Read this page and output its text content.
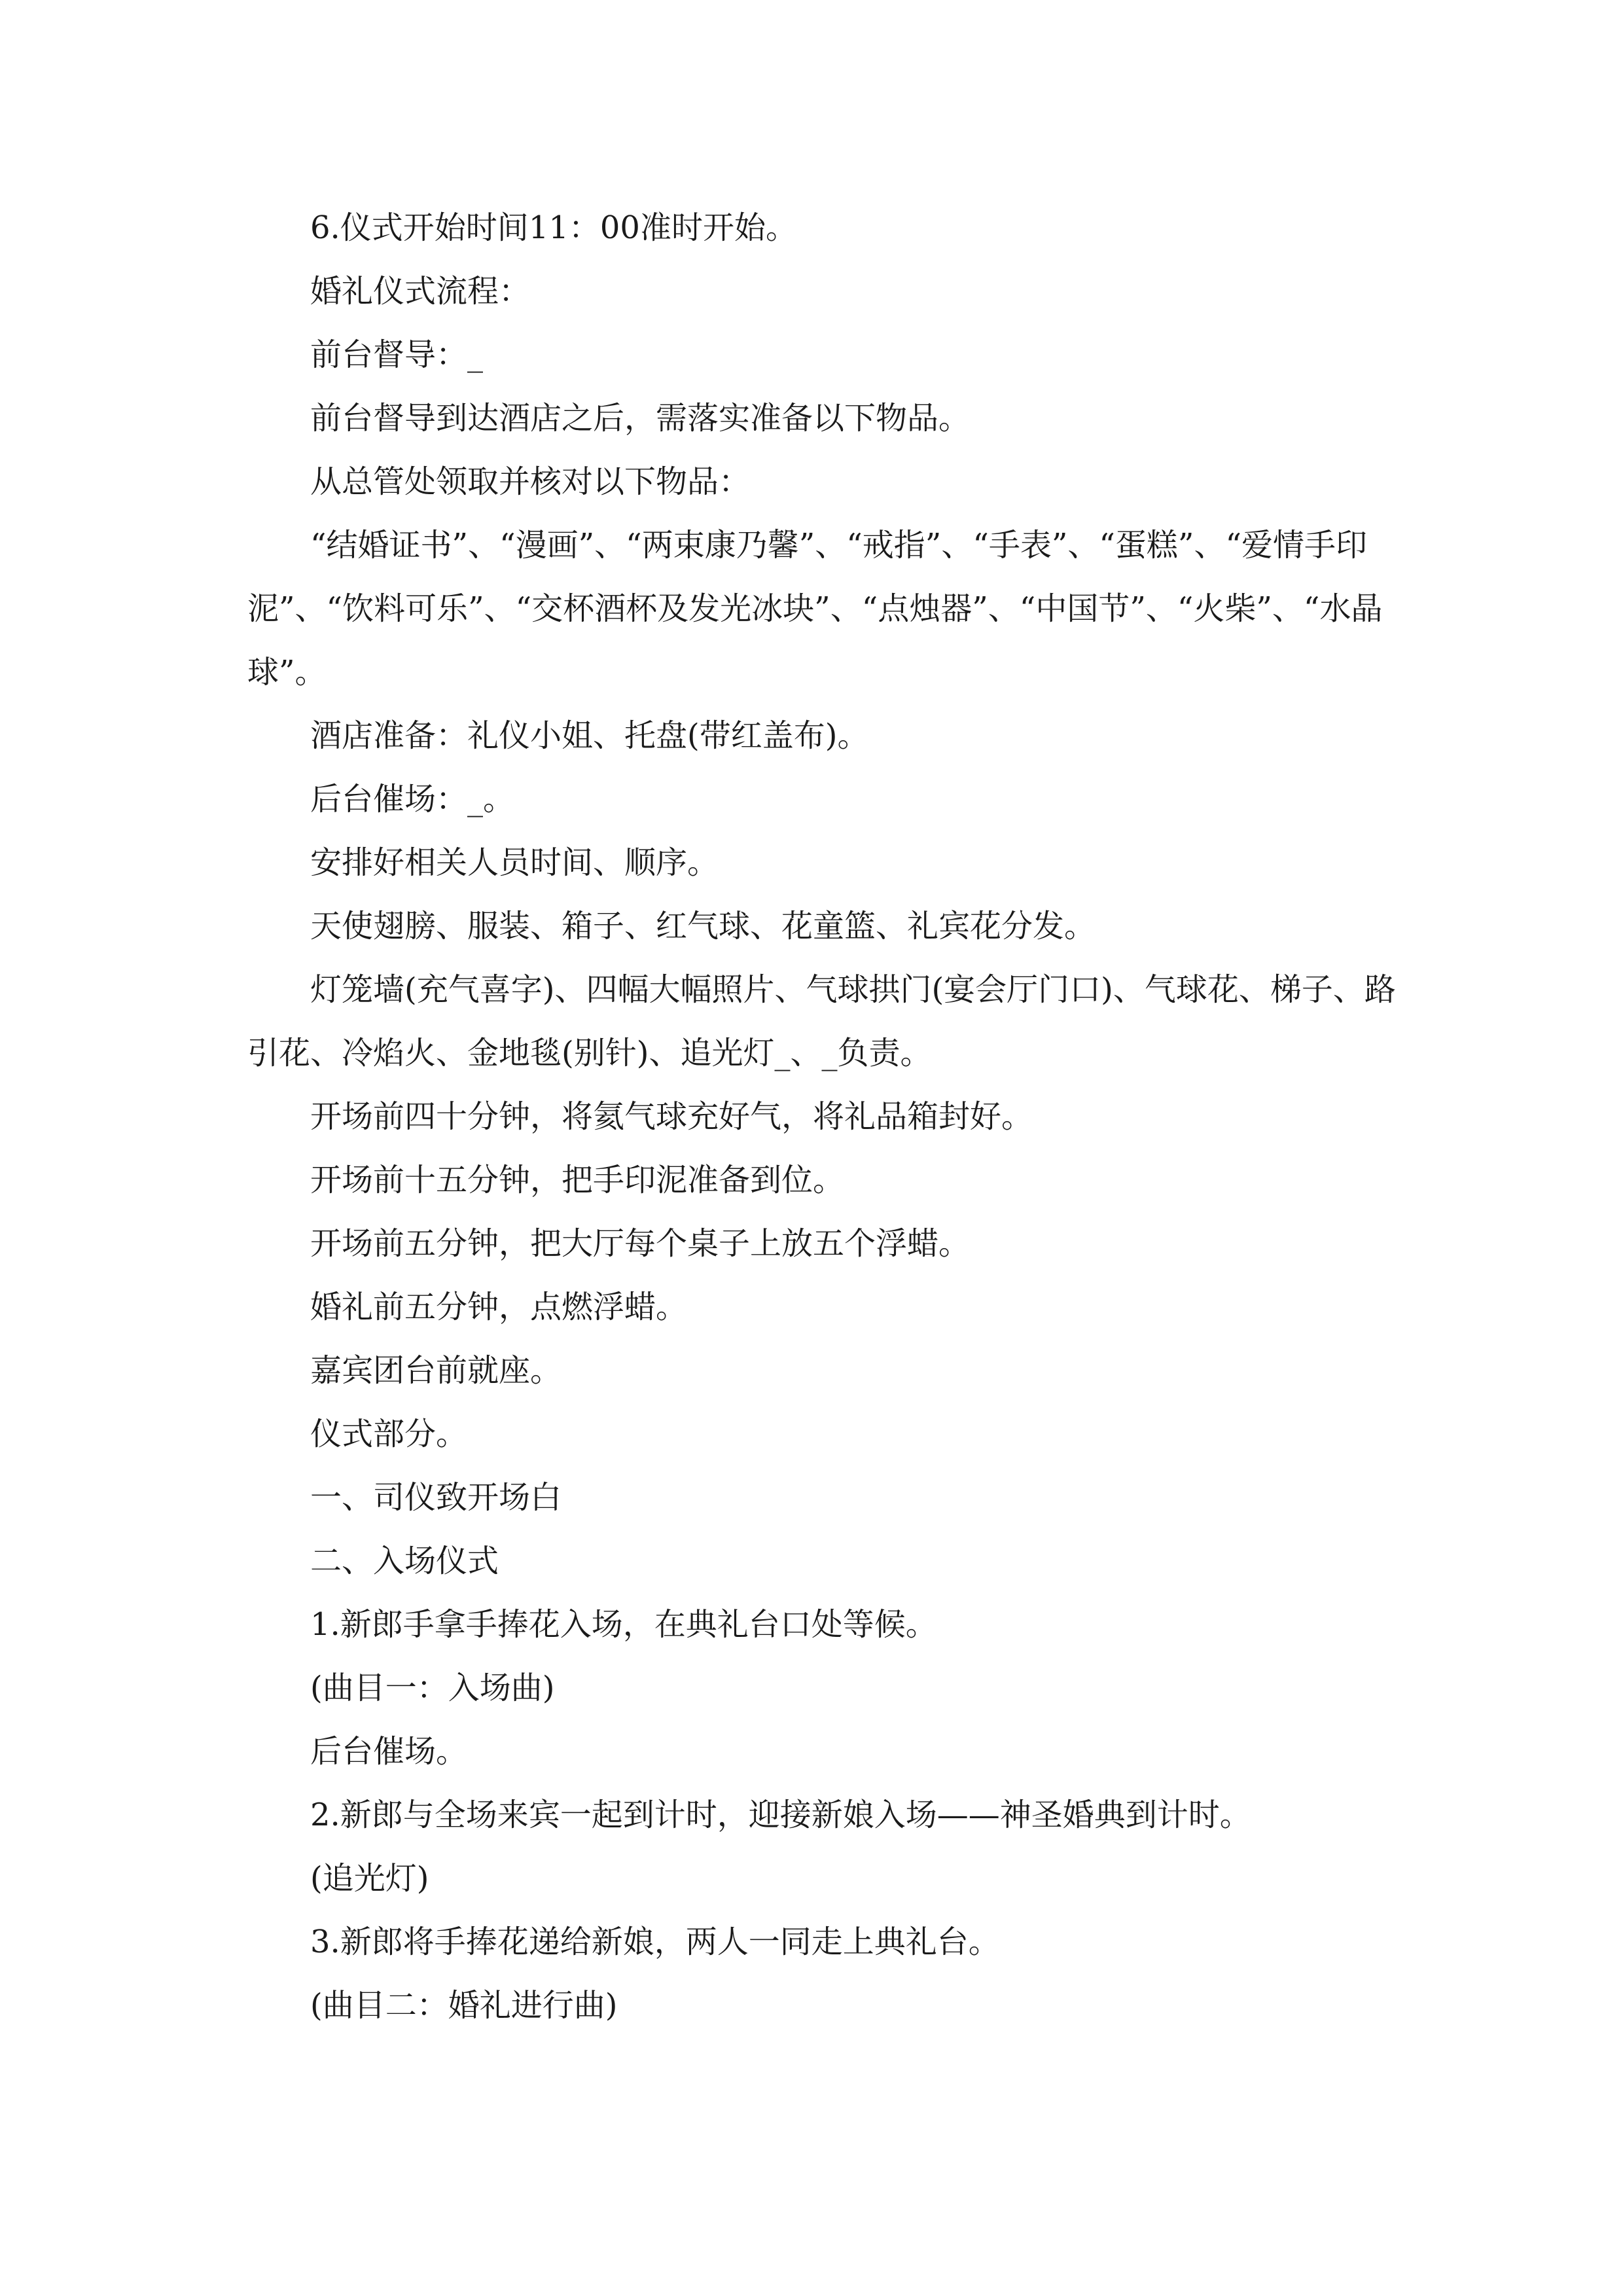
6.仪式开始时间11：00准时开始。

婚礼仪式流程：

前台督导：_

前台督导到达酒店之后，需落实准备以下物品。

从总管处领取并核对以下物品：

“结婚证书”、“漫画”、“两束康乃馨”、“戒指”、“手表”、“蛋糕”、“爱情手印泥”、“饮料可乐”、“交杯酒杯及发光冰块”、“点烛器”、“中国节”、“火柴”、“水晶球”。

酒店准备：礼仪小姐、托盘(带红盖布)。

后台催场：_。

安排好相关人员时间、顺序。

天使翅膀、服装、箱子、红气球、花童篮、礼宾花分发。

灯笼墙(充气喜字)、四幅大幅照片、气球拱门(宴会厅门口)、气球花、梯子、路引花、冷焰火、金地毯(别针)、追光灯_、_负责。

开场前四十分钟，将氦气球充好气，将礼品箱封好。

开场前十五分钟，把手印泥准备到位。

开场前五分钟，把大厅每个桌子上放五个浮蜡。

婚礼前五分钟，点燃浮蜡。

嘉宾团台前就座。

仪式部分。

一、司仪致开场白

二、入场仪式

1.新郎手拿手捧花入场，在典礼台口处等候。

(曲目一：入场曲)

后台催场。

2.新郎与全场来宾一起到计时，迎接新娘入场——神圣婚典到计时。

(追光灯)

3.新郎将手捧花递给新娘，两人一同走上典礼台。

(曲目二：婚礼进行曲)
